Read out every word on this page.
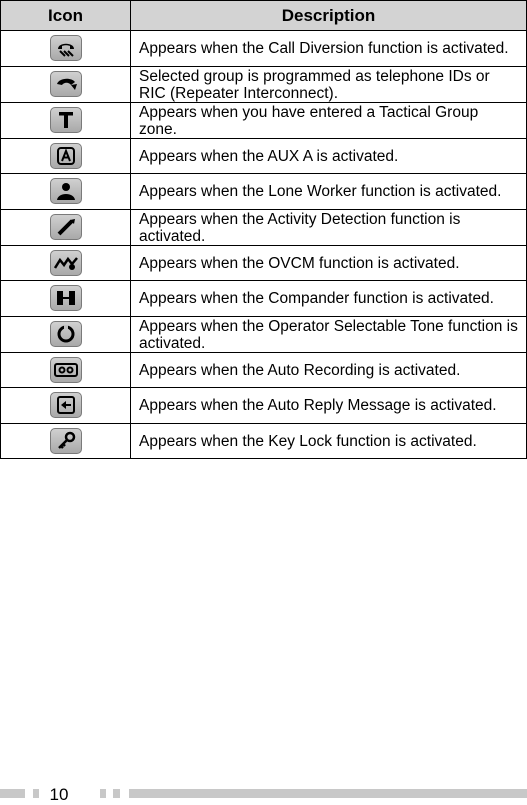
Icon	Description

	Appears when the Call Diversion function is activated.

	Selected group is programmed as telephone IDs or RIC (Repeater Interconnect).

	Appears when you have entered a Tactical Group zone.

	Appears when the AUX A is activated.

	Appears when the Lone Worker function is activated.

	Appears when the Activity Detection function is activated.

	Appears when the OVCM function is activated.

	Appears when the Compander function is activated.

	Appears when the Operator Selectable Tone function is activated.

	Appears when the Auto Recording is activated.

	Appears when the Auto Reply Message is activated.

	Appears when the Key Lock function is activated.
10
